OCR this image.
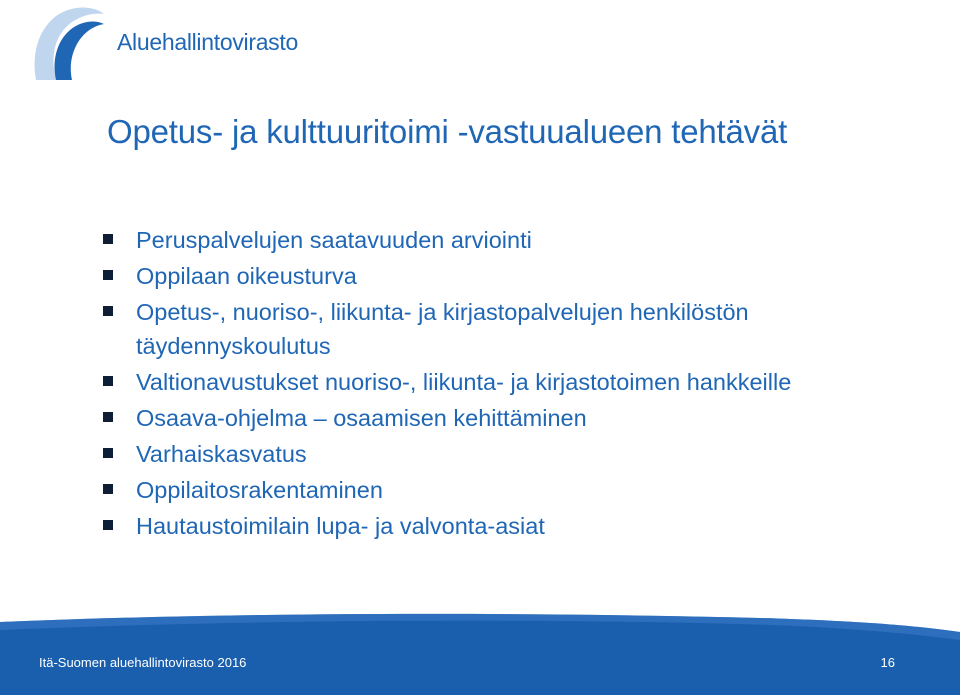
Aluehallintovirasto
Opetus- ja kulttuuritoimi -vastuualueen tehtävät
Peruspalvelujen saatavuuden arviointi
Oppilaan oikeusturva
Opetus-, nuoriso-, liikunta- ja kirjastopalvelujen henkilöstön täydennyskoulutus
Valtionavustukset nuoriso-, liikunta- ja kirjastotoimen hankkeille
Osaava-ohjelma – osaamisen kehittäminen
Varhaiskasvatus
Oppilaitosrakentaminen
Hautaustoimilain lupa- ja valvonta-asiat
Itä-Suomen aluehallintovirasto 2016	16
